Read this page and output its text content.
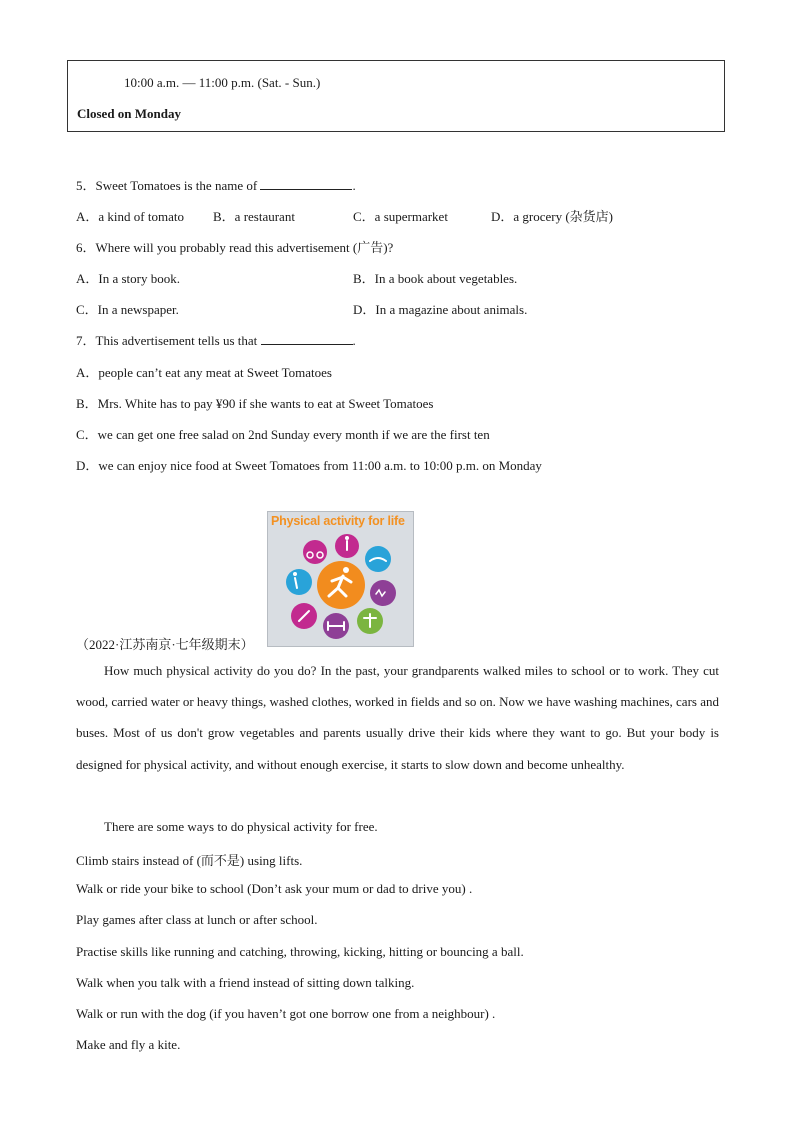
10:00 a.m. — 11:00 p.m. (Sat. - Sun.)
Closed on Monday
5．Sweet Tomatoes is the name of	.
A．a kind of tomato B．a restaurant	C．a supermarket	D．a grocery (杂货店)
6．Where will you probably read this advertisement (广告)?
A．In a story book.	B．In a book about vegetables.
C．In a newspaper.	D．In a magazine about animals.
7．This advertisement tells us that	.
A．people can’t eat any meat at Sweet Tomatoes
B．Mrs. White has to pay ¥90 if she wants to eat at Sweet Tomatoes
C．we can get one free salad on 2nd Sunday every month if we are the first ten
D．we can enjoy nice food at Sweet Tomatoes from 11:00 a.m. to 10:00 p.m. on Monday
Physical activity for life
（2022·江苏南京·七年级期末）

How much physical activity do you do? In the past, your grandparents walked miles to school or to work. They cut wood, carried water or heavy things, washed clothes, worked in fields and so on. Now we have washing machines, cars and buses. Most of us don't grow vegetables and parents usually drive their kids where they want to go. But your body is designed for physical activity, and without enough exercise, it starts to slow down and become unhealthy.

There are some ways to do physical activity for free.
Climb stairs instead of (而不是) using lifts.
Walk or ride your bike to school (Don’t ask your mum or dad to drive you) .
Play games after class at lunch or after school.
Practise skills like running and catching, throwing, kicking, hitting or bouncing a ball.
Walk when you talk with a friend instead of sitting down talking.
Walk or run with the dog (if you haven’t got one borrow one from a neighbour) .
Make and fly a kite.
